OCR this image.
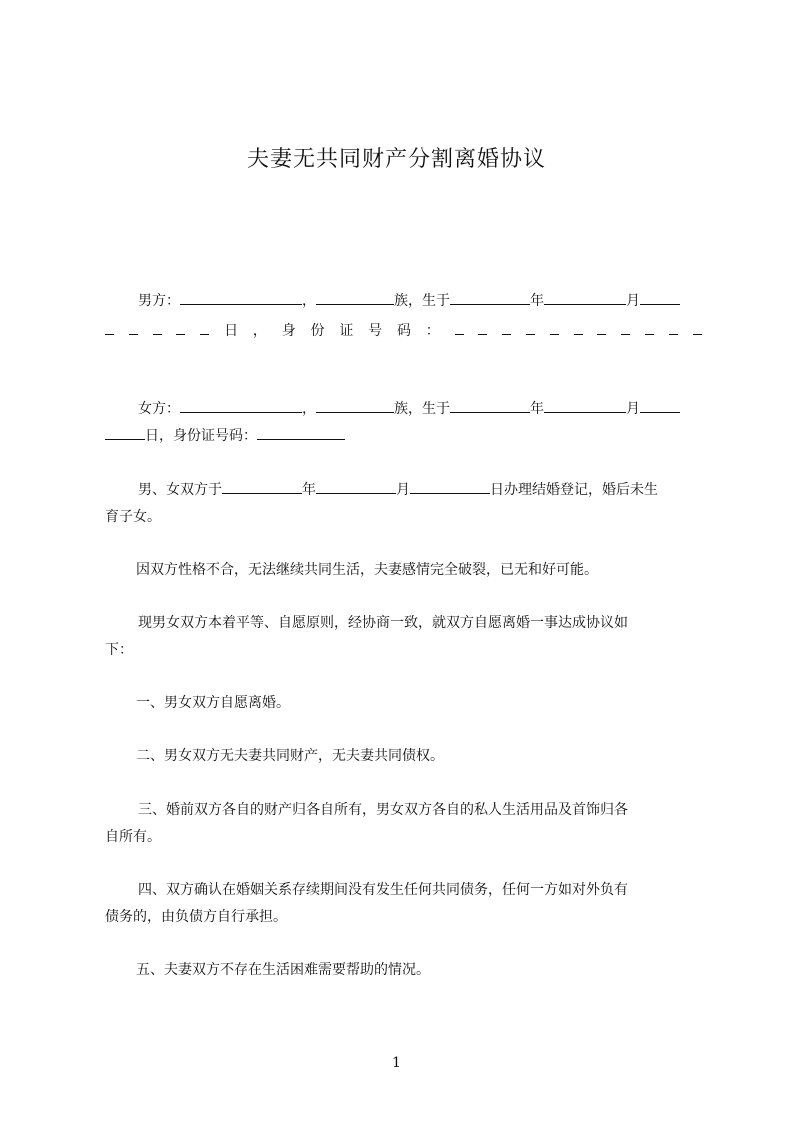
夫妻无共同财产分割离婚协议
男方：	，	族，生于	年	月
日 ， 身 份 证 号 码 ：
女方：	，	族，生于	年	月
日，身份证号码：
男、女双方于	年	月	日办理结婚登记，婚后未生
育子女。
因双方性格不合，无法继续共同生活，夫妻感情完全破裂，已无和好可能。
现男女双方本着平等、自愿原则，经协商一致，就双方自愿离婚一事达成协议如
下：
一、男女双方自愿离婚。
二、男女双方无夫妻共同财产，无夫妻共同债权。
三、婚前双方各自的财产归各自所有，男女双方各自的私人生活用品及首饰归各
自所有。
四、双方确认在婚姻关系存续期间没有发生任何共同债务，任何一方如对外负有
债务的，由负债方自行承担。
五、夫妻双方不存在生活困难需要帮助的情况。
1
